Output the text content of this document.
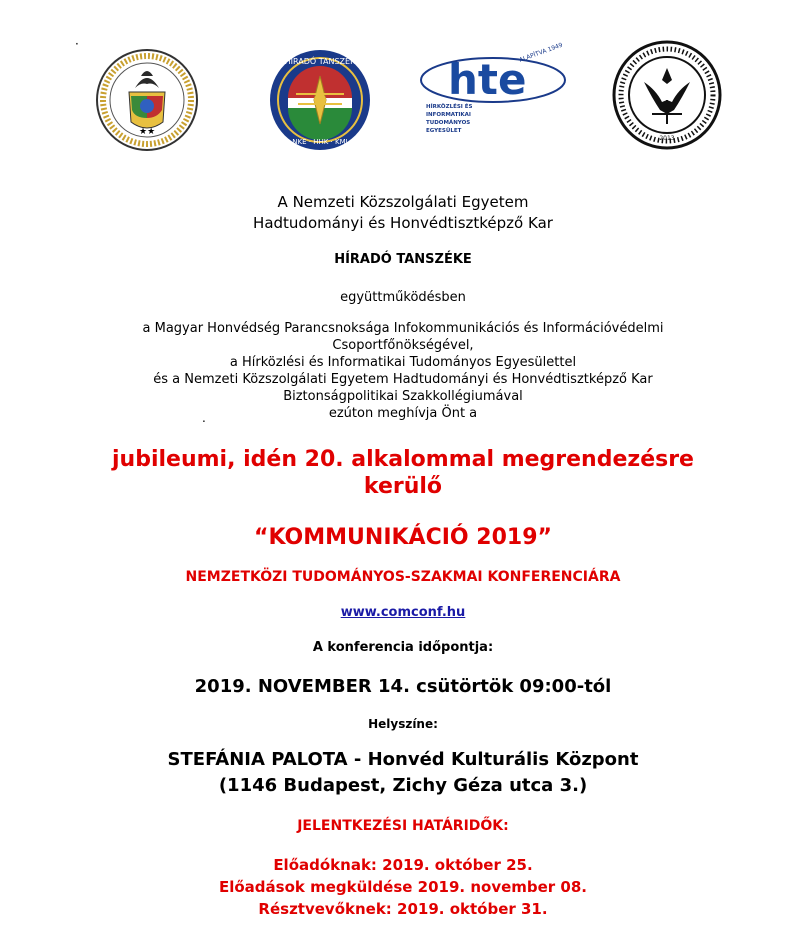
·
★★
HÍRADÓ TANSZÉK
NKE · HHK · KMI
hte
ALAPÍTVA 1949
HÍRKÖZLÉSI ÉS
INFORMATIKAI
TUDOMÁNYOS
EGYESÜLET
2013
A Nemzeti Közszolgálati Egyetem
Hadtudományi és Honvédtisztképző Kar
HÍRADÓ TANSZÉKE
együttműködésben
a Magyar Honvédség Parancsnoksága Infokommunikációs és Információvédelmi
Csoportfőnökségével,
a Hírközlési és Informatikai Tudományos Egyesülettel
és a Nemzeti Közszolgálati Egyetem Hadtudományi és Honvédtisztképző Kar
Biztonságpolitikai Szakkollégiumával
ezúton meghívja Önt a
.
jubileumi, idén 20. alkalommal megrendezésre
kerülő
“KOMMUNIKÁCIÓ 2019”
NEMZETKÖZI TUDOMÁNYOS-SZAKMAI KONFERENCIÁRA
www.comconf.hu
A konferencia időpontja:
2019. NOVEMBER 14. csütörtök 09:00-tól
Helyszíne:
STEFÁNIA PALOTA - Honvéd Kulturális Központ
(1146 Budapest, Zichy Géza utca 3.)
JELENTKEZÉSI HATÁRIDŐK:
Előadóknak: 2019. október 25.
Előadások megküldése 2019. november 08.
Résztvevőknek: 2019. október 31.
